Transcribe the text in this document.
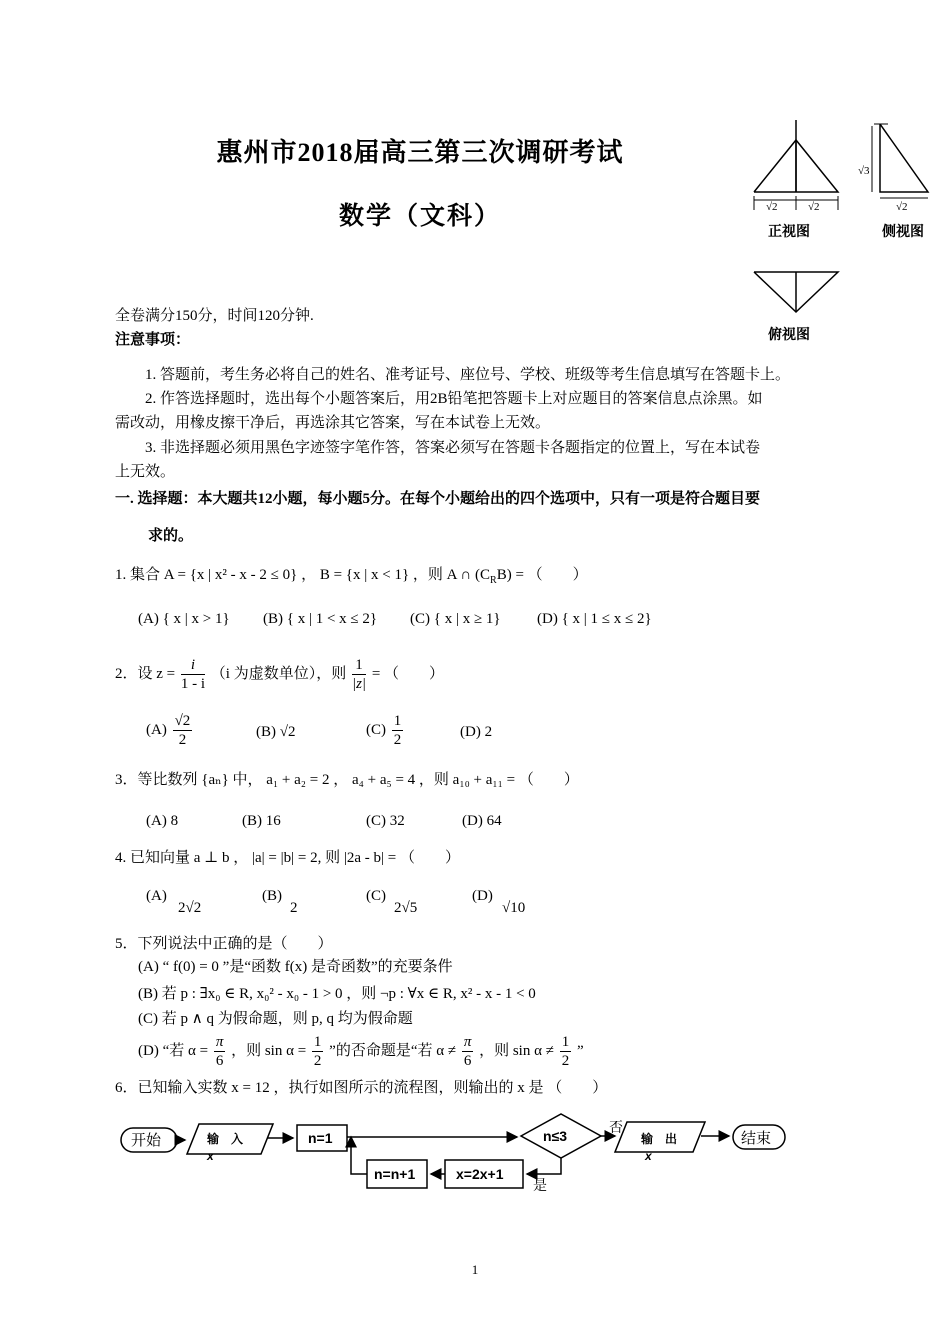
惠州市2018届高三第三次调研考试
数学（文科）	√2	√2
√3
√2
正视图	侧视图
俯视图
全卷满分150分，时间120分钟.
注意事项：
1. 答题前，考生务必将自己的姓名、准考证号、座位号、学校、班级等考生信息填写在答题卡上。
2. 作答选择题时，选出每个小题答案后，用2B铅笔把答题卡上对应题目的答案信息点涂黑。如
需改动，用橡皮擦干净后，再选涂其它答案，写在本试卷上无效。
3. 非选择题必须用黑色字迹签字笔作答，答案必须写在答题卡各题指定的位置上，写在本试卷
上无效。
一. 选择题：本大题共12小题，每小题5分。在每个小题给出的四个选项中，只有一项是符合题目要
求的。
1. 集合 A = {x | x² - x - 2 ≤ 0} ， B = {x | x < 1} ，则 A ∩ $(C_RB)$ = （　　）
(A) { x | x > 1} (B) { x | 1 < x ≤ 2} (C) { x | x ≥ 1} (D) { x | 1 ≤ x ≤ 2}
2．设 $z = \frac{i}{1 - i} (i$ 为虚数单位），则 $\frac{1}{|z|}$ = （　　）
$(A) \frac{√2}{2}$	(B) √2	$(C) \frac{1}{2}$	(D) 2
3．等比数列 {aₙ} 中， a₁ + a₂ = 2 ， a₄ + a₅ = 4 ，则 a₁₀ + a₁₁ = （　　）
(A) 8	(B) 16	(C) 32	(D) 64
4. 已知向量 a ⊥ b ， |a| = |b| = 2, 则 |2a - b| = （　　）
(A)
2√2
(B)
2
(C)
2√5
(D)
√10
5．下列说法中正确的是（　　）
(A) “ f(0) = 0 ”是“函数 f(x) 是奇函数”的充要条件
(B) 若 p : ∃x₀ ∈ R, x₀² - x₀ - 1 > 0 ，则 ¬p : ∀x ∈ R, x² - x - 1 < 0
(C) 若 p ∧ q 为假命题，则 p, q 均为假命题
(D) “若 $\alpha = \frac{\pi}{6}$ ，则 $\sin \alpha = \frac{1}{2}$ ”的否命题是“若 $\alpha \ne \frac{\pi}{6}$ ，则 $\sin \alpha \ne \frac{1}{2}$ ”
6．已知输入实数 x = 12 ，执行如图所示的流程图，则输出的 x 是 （　　）
开始	输　入
x
n=1	n≤3
否
输　出
x
结束
x=2x+1
n=n+1
是
1
